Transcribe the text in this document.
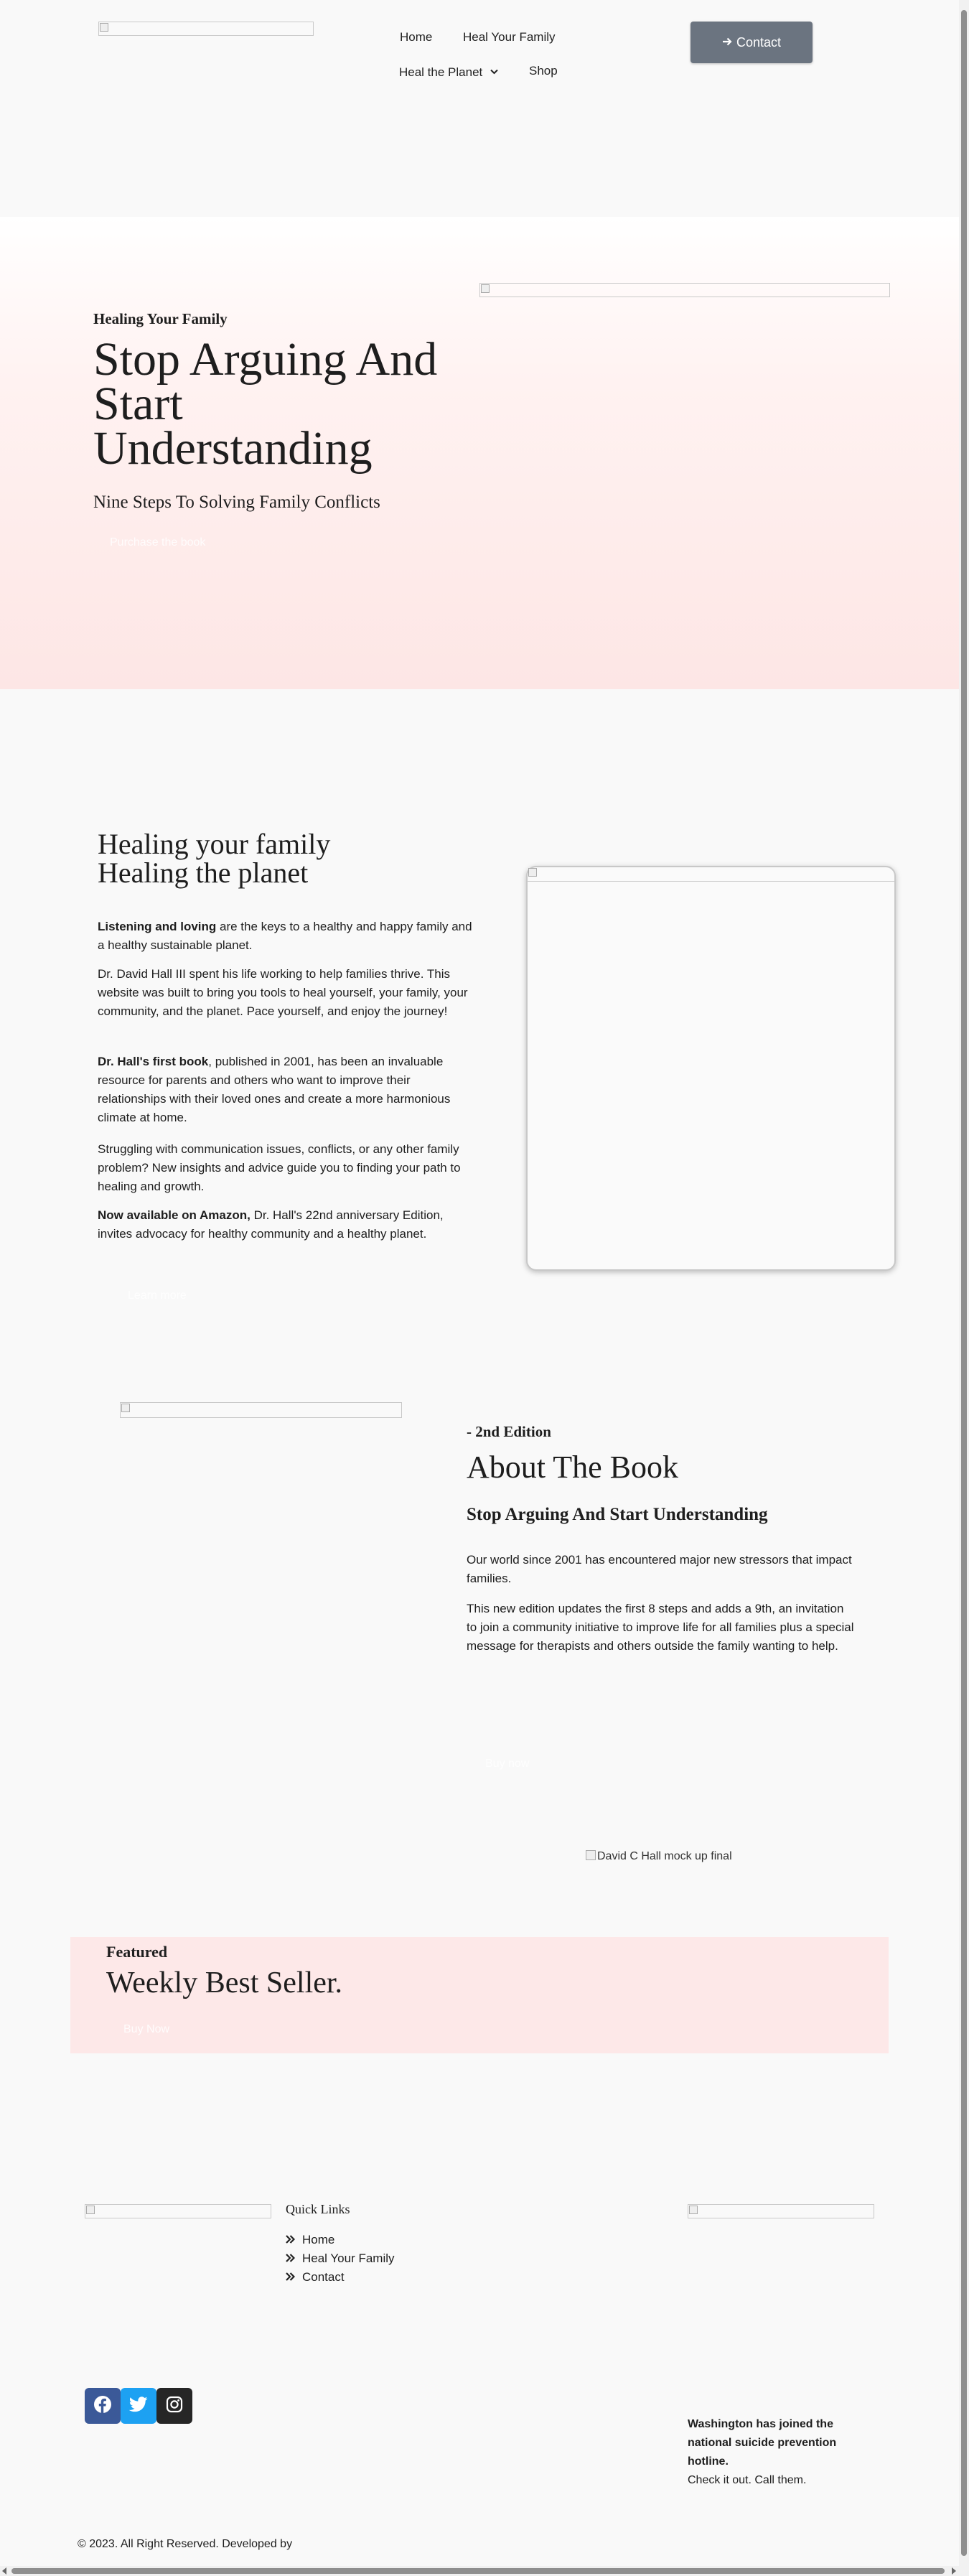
Home	Heal Your Family
Heal the Planet	Shop
Contact
Healing Your Family
Stop Arguing And Start Understanding
Nine Steps To Solving Family Conflicts
Purchase the book
Healing your family
Healing the planet

Listening and loving are the keys to a healthy and happy family and a healthy sustainable planet.

Dr. David Hall III spent his life working to help families thrive. This website was built to bring you tools to heal yourself, your family, your community, and the planet. Pace yourself, and enjoy the journey!

Dr. Hall's first book, published in 2001, has been an invaluable resource for parents and others who want to improve their relationships with their loved ones and create a more harmonious climate at home.

Struggling with communication issues, conflicts, or any other family problem? New insights and advice guide you to finding your path to healing and growth.

Now available on Amazon, Dr. Hall's 22nd anniversary Edition, invites advocacy for healthy community and a healthy planet.

Learn more
- 2nd Edition
About The Book
Stop Arguing And Start Understanding

Our world since 2001 has encountered major new stressors that impact families.

This new edition updates the first 8 steps and adds a 9th, an invitation to join a community initiative to improve life for all families plus a special message for therapists and others outside the family wanting to help.

Buy now
David C Hall mock up final
Featured
Weekly Best Seller.
Buy Now
Quick Links
Home
Heal Your Family
Contact
Washington has joined the national suicide prevention hotline.
Check it out. Call them.
© 2023. All Right Reserved. Developed by
